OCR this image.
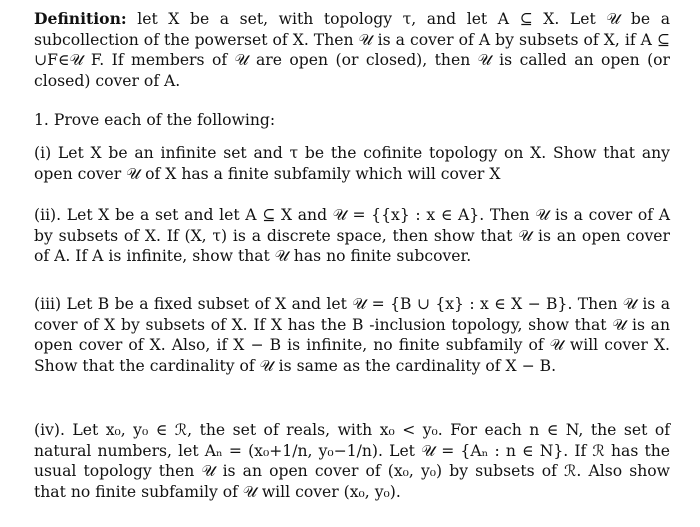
Definition: let X be a set, with topology τ, and let A ⊆ X. Let 𝒰 be a subcollection of the powerset of X. Then 𝒰 is a cover of A by subsets of X, if A ⊆ ∪F∈𝒰 F. If members of 𝒰 are open (or closed), then 𝒰 is called an open (or closed) cover of A.

1. Prove each of the following:

(i) Let X be an infinite set and τ be the cofinite topology on X. Show that any open cover 𝒰 of X has a finite subfamily which will cover X

(ii). Let X be a set and let A ⊆ X and 𝒰 = {{x} : x ∈ A}. Then 𝒰 is a cover of A by subsets of X. If (X, τ) is a discrete space, then show that 𝒰 is an open cover of A. If A is infinite, show that 𝒰 has no finite subcover.

(iii) Let B be a fixed subset of X and let 𝒰 = {B ∪ {x} : x ∈ X − B}. Then 𝒰 is a cover of X by subsets of X. If X has the B -inclusion topology, show that 𝒰 is an open cover of X. Also, if X − B is infinite, no finite subfamily of 𝒰 will cover X. Show that the cardinality of 𝒰 is same as the cardinality of X − B.

(iv). Let x₀, y₀ ∈ ℛ, the set of reals, with x₀ < y₀. For each n ∈ N, the set of natural numbers, let Aₙ = (x₀+1/n, y₀−1/n). Let 𝒰 = {Aₙ : n ∈ N}. If ℛ has the usual topology then 𝒰 is an open cover of (x₀, y₀) by subsets of ℛ. Also show that no finite subfamily of 𝒰 will cover (x₀, y₀).
